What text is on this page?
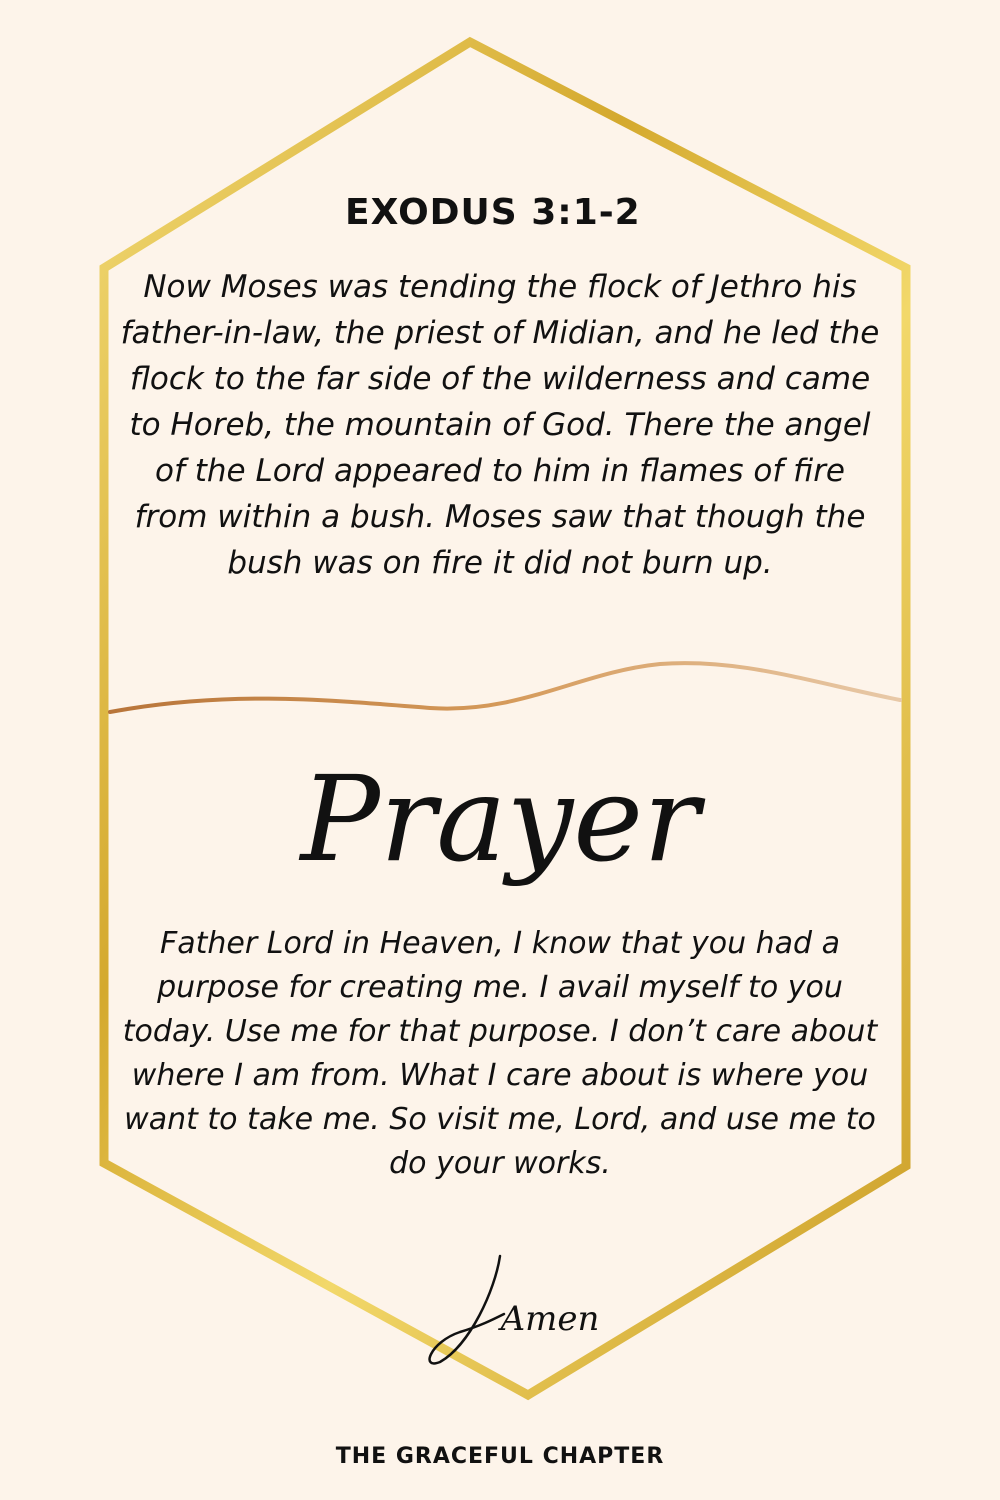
EXODUS 3:1-2

Now Moses was tending the flock of Jethro his father-in-law, the priest of Midian, and he led the flock to the far side of the wilderness and came to Horeb, the mountain of God. There the angel of the Lord appeared to him in flames of fire from within a bush. Moses saw that though the bush was on fire it did not burn up.

Prayer

Father Lord in Heaven, I know that you had a purpose for creating me. I avail myself to you today. Use me for that purpose. I don’t care about where I am from. What I care about is where you want to take me. So visit me, Lord, and use me to do your works.

Amen

THE GRACEFUL CHAPTER
